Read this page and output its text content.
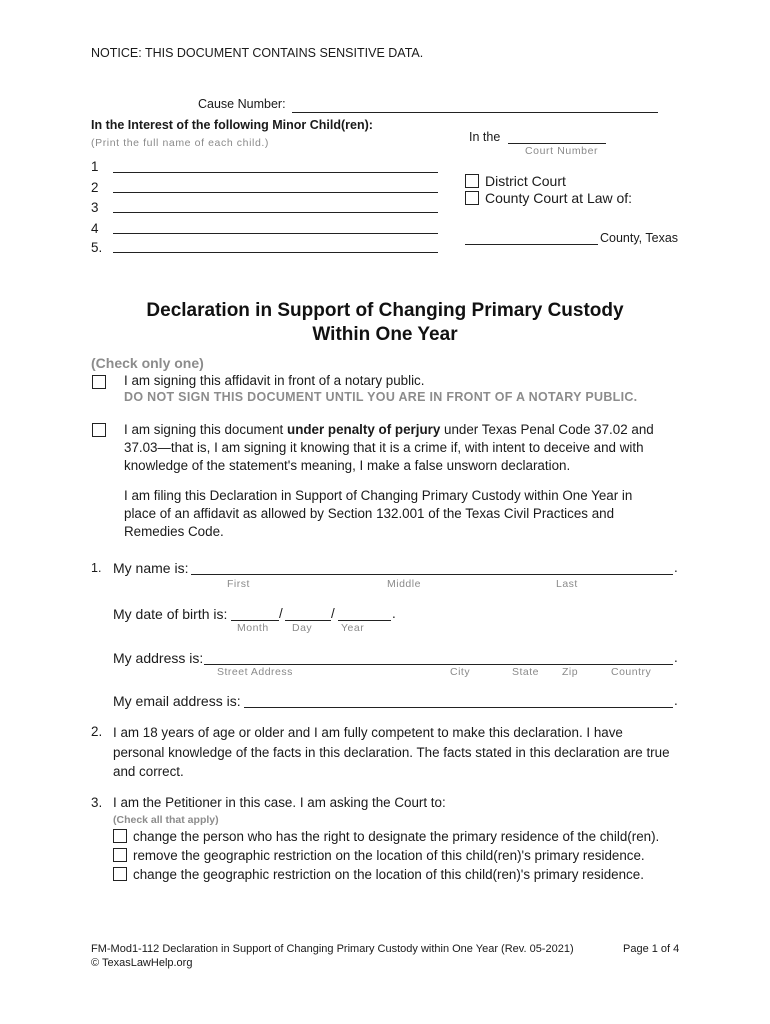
NOTICE: THIS DOCUMENT CONTAINS SENSITIVE DATA.
Cause Number:
In the Interest of the following Minor Child(ren):
(Print the full name of each child.)
1
2
3
4
5.
In the
Court Number
District Court
County Court at Law of:
County, Texas
Declaration in Support of Changing Primary Custody
Within One Year
(Check only one)
I am signing this affidavit in front of a notary public.
DO NOT SIGN THIS DOCUMENT UNTIL YOU ARE IN FRONT OF A NOTARY PUBLIC.
I am signing this document under penalty of perjury under Texas Penal Code 37.02 and 37.03—that is, I am signing it knowing that it is a crime if, with intent to deceive and with knowledge of the statement's meaning, I make a false unsworn declaration.
I am filing this Declaration in Support of Changing Primary Custody within One Year in place of an affidavit as allowed by Section 132.001 of the Texas Civil Practices and Remedies Code.
1. My name is:	.
First	Middle	Last
My date of birth is:	/	/	.
Month Day	Year
My address is:	.
Street Address	City	State Zip	Country
My email address is:	.
2. I am 18 years of age or older and I am fully competent to make this declaration. I have personal knowledge of the facts in this declaration. The facts stated in this declaration are true and correct.
3. I am the Petitioner in this case. I am asking the Court to:
(Check all that apply)
change the person who has the right to designate the primary residence of the child(ren).
remove the geographic restriction on the location of this child(ren)'s primary residence.
change the geographic restriction on the location of this child(ren)'s primary residence.
FM-Mod1-112 Declaration in Support of Changing Primary Custody within One Year (Rev. 05-2021)
© TexasLawHelp.org
Page 1 of 4
